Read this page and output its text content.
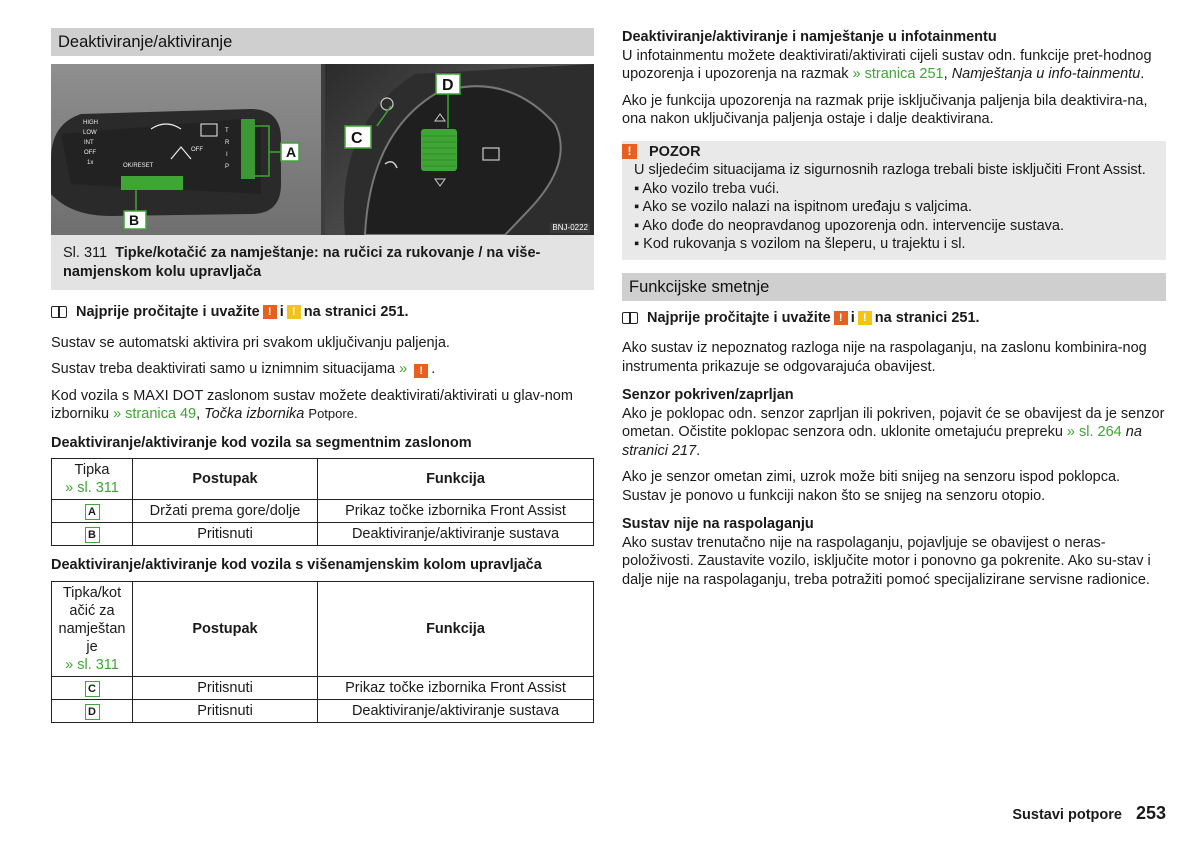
Deaktiviranje/aktiviranje
HIGH
LOW
INT
OFF
1x	OK/RESET
OFF
T
R
I
P
A
B
C
D
BNJ-0222
Sl. 311 Tipke/kotačić za namještanje: na ručici za rukovanje / na više-namjenskom kolu upravljača
Najprije pročitajte i uvažite ! i ! na stranici 251.

Sustav se automatski aktivira pri svakom uključivanju paljenja.

Sustav treba deaktivirati samo u iznimnim situacijama » ! .

Kod vozila s MAXI DOT zaslonom sustav možete deaktivirati/aktivirati u glav-nom izborniku » stranica 49, Točka izbornika Potpore.

Deaktiviranje/aktiviranje kod vozila sa segmentnim zaslonom
Tipka
» sl. 311	Postupak	Funkcija
A	Držati prema gore/dolje	Prikaz točke izbornika Front Assist
B	Pritisnuti	Deaktiviranje/aktiviranje sustava
Deaktiviranje/aktiviranje kod vozila s višenamjenskim kolom upravljača
Tipka/kot
ačić za
namještan
je
» sl. 311	Postupak	Funkcija
C	Pritisnuti	Prikaz točke izbornika Front Assist
D	Pritisnuti	Deaktiviranje/aktiviranje sustava
Deaktiviranje/aktiviranje i namještanje u infotainmentu

U infotainmentu možete deaktivirati/aktivirati cijeli sustav odn. funkcije pret-hodnog upozorenja i upozorenja na razmak » stranica 251, Namještanja u info-tainmentu.

Ako je funkcija upozorenja na razmak prije isključivanja paljenja bila deaktivira-na, ona nakon uključivanja paljenja ostaje i dalje deaktivirana.

!	POZOR

U sljedećim situacijama iz sigurnosnih razloga trebali biste isključiti Front Assist.

▪ Ako vozilo treba vući.
▪ Ako se vozilo nalazi na ispitnom uređaju s valjcima.
▪ Ako dođe do neopravdanog upozorenja odn. intervencije sustava.
▪ Kod rukovanja s vozilom na šleperu, u trajektu i sl.
Funkcijske smetnje
Najprije pročitajte i uvažite ! i ! na stranici 251.

Ako sustav iz nepoznatog razloga nije na raspolaganju, na zaslonu kombinira-nog instrumenta prikazuje se odgovarajuća obavijest.

Senzor pokriven/zaprljan

Ako je poklopac odn. senzor zaprljan ili pokriven, pojavit će se obavijest da je senzor ometan. Očistite poklopac senzora odn. uklonite ometajuću prepreku » sl. 264 na stranici 217.

Ako je senzor ometan zimi, uzrok može biti snijeg na senzoru ispod poklopca. Sustav je ponovo u funkciji nakon što se snijeg na senzoru otopio.

Sustav nije na raspolaganju

Ako sustav trenutačno nije na raspolaganju, pojavljuje se obavijest o neras-položivosti. Zaustavite vozilo, isključite motor i ponovno ga pokrenite. Ako su-stav i dalje nije na raspolaganju, treba potražiti pomoć specijalizirane servisne radionice.

Sustavi potpore 253
